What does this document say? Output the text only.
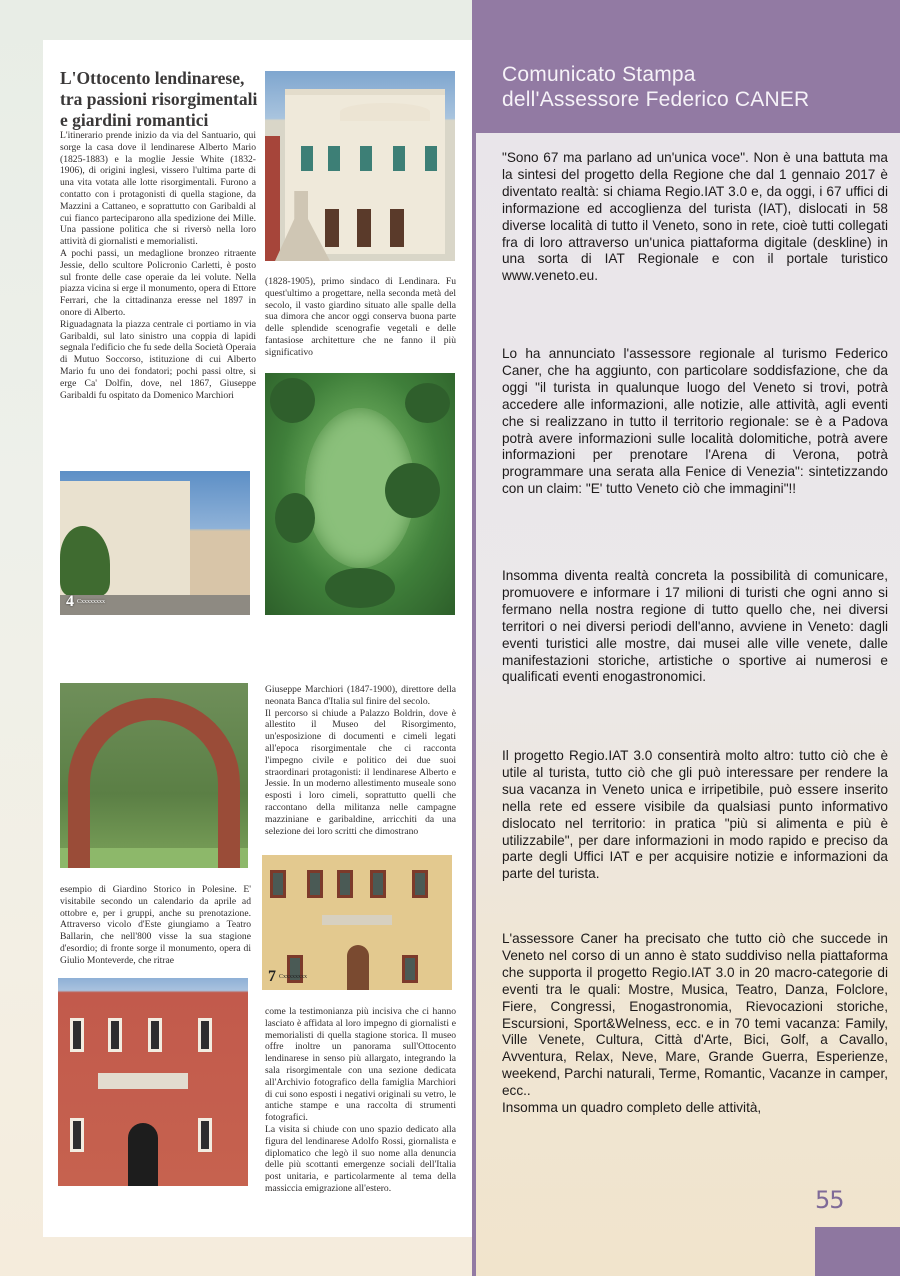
L'Ottocento lendinarese, tra passioni risorgimentali e giardini romantici

L'itinerario prende inizio da via del Santuario, qui sorge la casa dove il lendinarese Alberto Mario (1825-1883) e la moglie Jessie White (1832-1906), di origini inglesi, vissero l'ultima parte di una vita votata alle lotte risorgimentali. Furono a contatto con i protagonisti di quella stagione, da Mazzini a Cattaneo, e soprattutto con Garibaldi al cui fianco parteciparono alla spedizione dei Mille. Una passione politica che si riversò nella loro attività di giornalisti e memorialisti.

A pochi passi, un medaglione bronzeo ritraente Jessie, dello scultore Policronio Carletti, è posto sul fronte delle case operaie da lei volute. Nella piazza vicina si erge il monumento, opera di Ettore Ferrari, che la cittadinanza eresse nel 1897 in onore di Alberto.

Riguadagnata la piazza centrale ci portiamo in via Garibaldi, sul lato sinistro una coppia di lapidi segnala l'edificio che fu sede della Società Operaia di Mutuo Soccorso, istituzione di cui Alberto Mario fu uno dei fondatori; pochi passi oltre, si erge Ca' Dolfin, dove, nel 1867, Giuseppe Garibaldi fu ospitato da Domenico Marchiori

(1828-1905), primo sindaco di Lendinara. Fu quest'ultimo a progettare, nella seconda metà del secolo, il vasto giardino situato alle spalle della sua dimora che ancor oggi conserva buona parte delle splendide scenografie vegetali e delle fantasiose architetture che ne fanno il più significativo

4 Cxxxxxxxx

Giuseppe Marchiori (1847-1900), direttore della neonata Banca d'Italia sul finire del secolo.

Il percorso si chiude a Palazzo Boldrin, dove è allestito il Museo del Risorgimento, un'esposizione di documenti e cimeli legati all'epoca risorgimentale che ci racconta l'impegno civile e politico dei due suoi straordinari protagonisti: il lendinarese Alberto e Jessie. In un moderno allestimento museale sono esposti i loro cimeli, soprattutto quelli che raccontano della militanza nelle campagne mazziniane e garibaldine, arricchiti da una selezione dei loro scritti che dimostrano

esempio di Giardino Storico in Polesine. E' visitabile secondo un calendario da aprile ad ottobre e, per i gruppi, anche su prenotazione. Attraverso vicolo d'Este giungiamo a Teatro Ballarin, che nell'800 visse la sua stagione d'esordio; di fronte sorge il monumento, opera di Giulio Monteverde, che ritrae

7 Cxxxxxxxx

come la testimonianza più incisiva che ci hanno lasciato è affidata al loro impegno di giornalisti e memorialisti di quella stagione storica. Il museo offre inoltre un panorama sull'Ottocento lendinarese in senso più allargato, integrando la sala risorgimentale con una sezione dedicata all'Archivio fotografico della famiglia Marchiori di cui sono esposti i negativi originali su vetro, le antiche stampe e una raccolta di strumenti fotografici.

La visita si chiude con uno spazio dedicato alla figura del lendinarese Adolfo Rossi, giornalista e diplomatico che legò il suo nome alla denuncia delle più scottanti emergenze sociali dell'Italia post unitaria, e particolarmente al tema della massiccia emigrazione all'estero.

Comunicato Stampa
dell'Assessore Federico CANER

"Sono 67 ma parlano ad un'unica voce". Non è una battuta ma la sintesi del progetto della Regione che dal 1 gennaio 2017 è diventato realtà: si chiama Regio.IAT 3.0 e, da oggi, i 67 uffici di informazione ed accoglienza del turista (IAT), dislocati in 58 diverse località di tutto il Veneto, sono in rete, cioè tutti collegati fra di loro attraverso un'unica piattaforma digitale (deskline) in una sorta di IAT Regionale e con il portale turistico www.veneto.eu.

Lo ha annunciato l'assessore regionale al turismo Federico Caner, che ha aggiunto, con particolare soddisfazione, che da oggi "il turista in qualunque luogo del Veneto si trovi, potrà accedere alle informazioni, alle notizie, alle attività, agli eventi che si realizzano in tutto il territorio regionale: se è a Padova potrà avere informazioni sulle località dolomitiche, potrà avere informazioni per prenotare l'Arena di Verona, potrà programmare una serata alla Fenice di Venezia": sintetizzando con un claim: "E' tutto Veneto ciò che immagini"!!

Insomma diventa realtà concreta la possibilità di comunicare, promuovere e informare i 17 milioni di turisti che ogni anno si fermano nella nostra regione di tutto quello che, nei diversi territori o nei diversi periodi dell'anno, avviene in Veneto: dagli eventi turistici alle mostre, dai musei alle ville venete, dalle manifestazioni storiche, artistiche o sportive ai numerosi e qualificati eventi enogastronomici.

Il progetto Regio.IAT 3.0 consentirà molto altro: tutto ciò che è utile al turista, tutto ciò che gli può interessare per rendere la sua vacanza in Veneto unica e irripetibile, può essere inserito nella rete ed essere visibile da qualsiasi punto informativo dislocato nel territorio: in pratica "più si alimenta e più è utilizzabile", per dare informazioni in modo rapido e preciso da parte degli Uffici IAT e per acquisire notizie e informazioni da parte del turista.

L'assessore Caner ha precisato che tutto ciò che succede in Veneto nel corso di un anno è stato suddiviso nella piattaforma che supporta il progetto Regio.IAT 3.0 in 20 macro-categorie di eventi tra le quali: Mostre, Musica, Teatro, Danza, Folclore, Fiere, Congressi, Enogastronomia, Rievocazioni storiche, Escursioni, Sport&Welness, ecc. e in 70 temi vacanza: Family, Ville Venete, Cultura, Città d'Arte, Bici, Golf, a Cavallo, Avventura, Relax, Neve, Mare, Grande Guerra, Esperienze, weekend, Parchi naturali, Terme, Romantic, Vacanze in camper, ecc..

Insomma un quadro completo delle attività,

55
